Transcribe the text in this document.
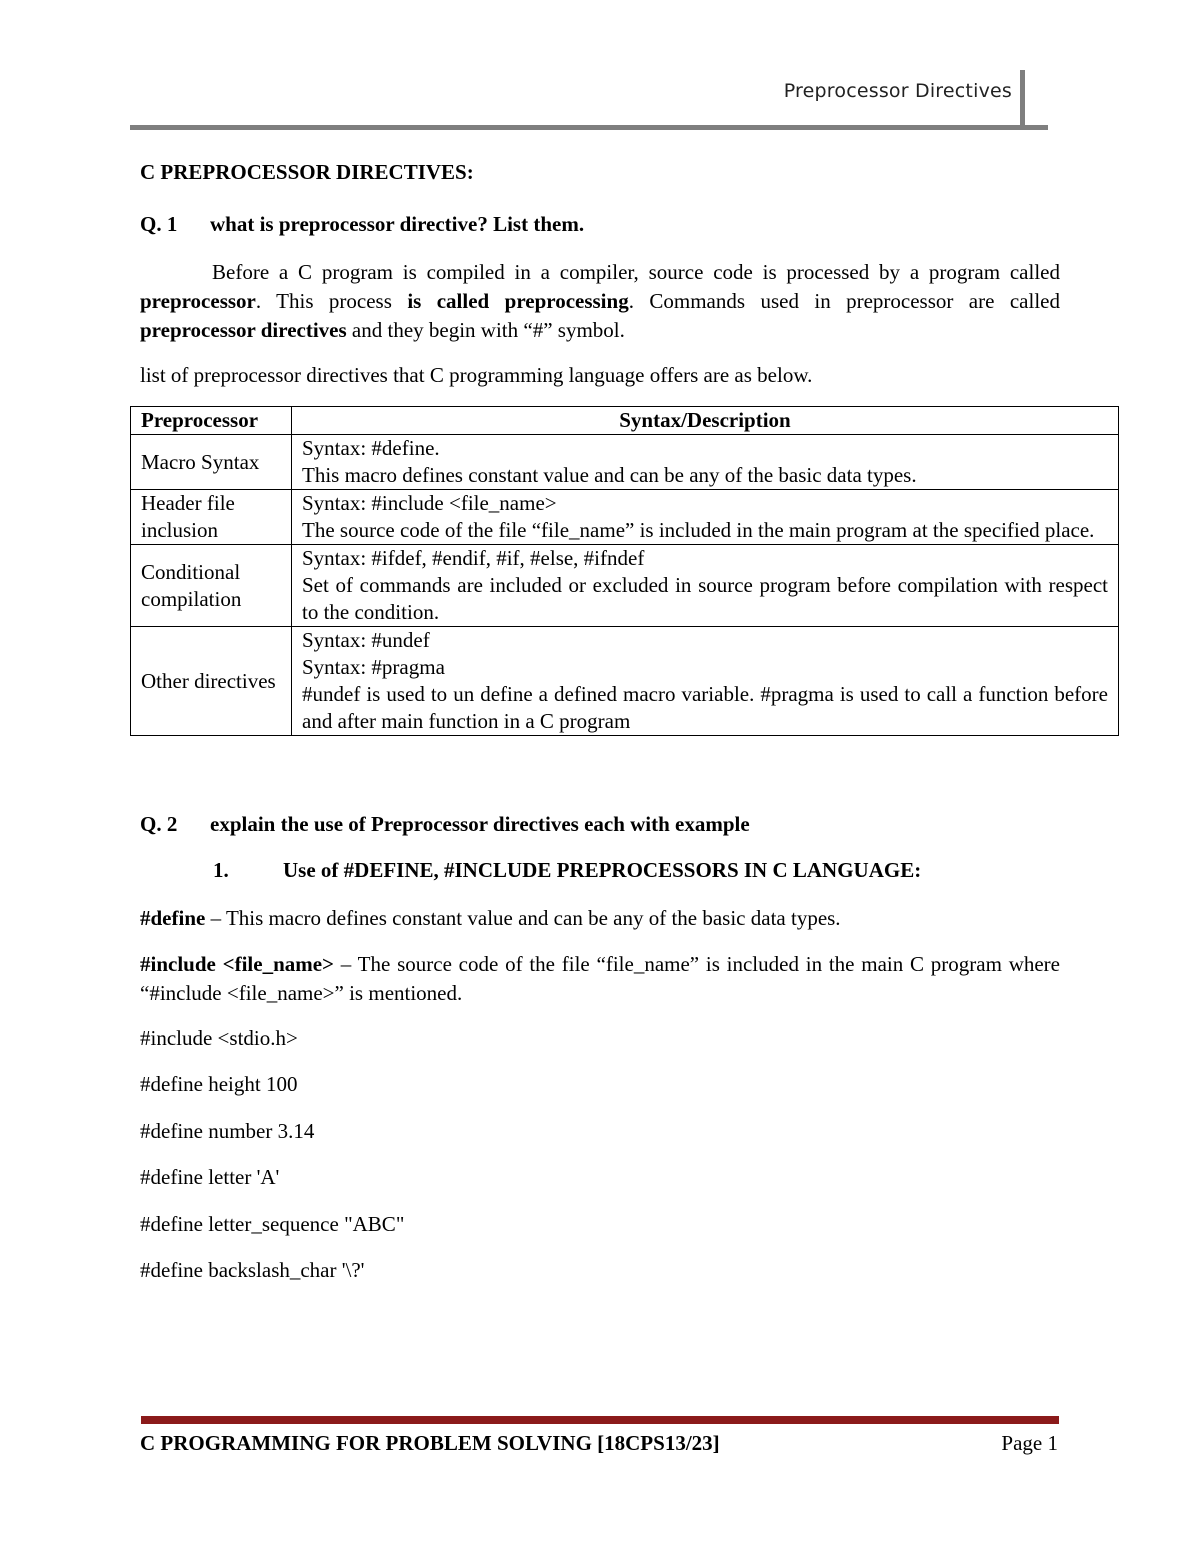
Preprocessor Directives
C PREPROCESSOR DIRECTIVES:
Q. 1 what is preprocessor directive? List them.
Before a C program is compiled in a compiler, source code is processed by a program called preprocessor. This process is called preprocessing. Commands used in preprocessor are called preprocessor directives and they begin with “#” symbol.
list of preprocessor directives that C programming language offers are as below.
Preprocessor	Syntax/Description
Macro Syntax	Syntax: #define.
This macro defines constant value and can be any of the basic data types.

Header file inclusion	Syntax: #include <file_name>
The source code of the file “file_name” is included in the main program at the specified place.

Conditional compilation	Syntax: #ifdef, #endif, #if, #else, #ifndef
Set of commands are included or excluded in source program before compilation with respect to the condition.

Other directives	Syntax: #undef
Syntax: #pragma
#undef is used to un define a defined macro variable. #pragma is used to call a function before and after main function in a C program
Q. 2 explain the use of Preprocessor directives each with example
1.	Use of #DEFINE, #INCLUDE PREPROCESSORS IN C LANGUAGE:
#define – This macro defines constant value and can be any of the basic data types.
#include <file_name> – The source code of the file “file_name” is included in the main C program where “#include <file_name>” is mentioned.
#include <stdio.h>
#define height 100
#define number 3.14
#define letter 'A'
#define letter_sequence "ABC"
#define backslash_char '\?'
C PROGRAMMING FOR PROBLEM SOLVING [18CPS13/23]	Page 1
